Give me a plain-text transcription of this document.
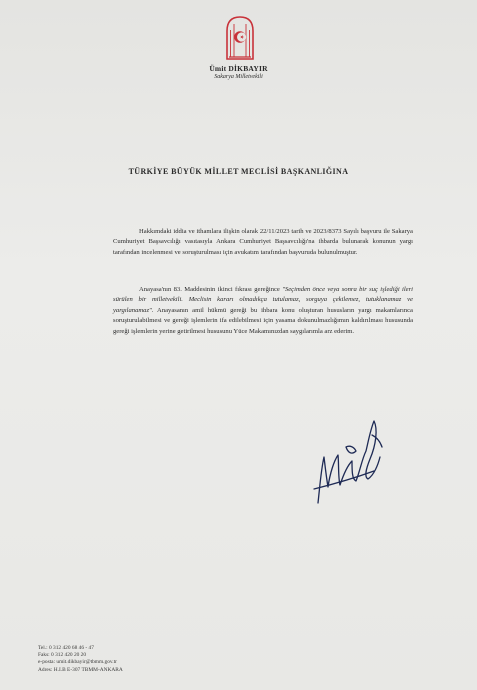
Ümit DİKBAYIR
Sakarya Milletvekili
TÜRKİYE BÜYÜK MİLLET MECLİSİ BAŞKANLIĞINA
Hakkımdaki iddia ve ithamlara ilişkin olarak 22/11/2023 tarih ve 2023/8373 Sayılı başvuru ile Sakarya Cumhuriyet Başsavcılığı vasıtasıyla Ankara Cumhuriyet Başsavcılığı'na ihbarda bulunarak konunun yargı tarafından incelenmesi ve soruşturulması için avukatım tarafından başvuruda bulunulmuştur.
Anayasa'nın 83. Maddesinin ikinci fıkrası gereğince "Seçimden önce veya sonra bir suç işlediği ileri sürülen bir milletvekili. Meclisin kararı olmadıkça tutulamaz, sorguya çekilemez, tutuklanamaz ve yargılanamaz". Anayasanın amil hükmü gereği bu ihbara konu oluşturan hususların yargı makamlarınca soruşturulabilmesi ve gereği işlemlerin ifa edilebilmesi için yasama dokunulmazlığımın kaldırılması hususunda gereği işlemlerin yerine getirilmesi hususunu Yüce Makamınızdan saygılarımla arz ederim.
Tel.: 0 312 420 68 46 - 47
Faks: 0 312 420 20 20
e-posta: umit.dikbayir@tbmm.gov.tr
Adres: H.I.B E-307 TBMM-ANKARA
